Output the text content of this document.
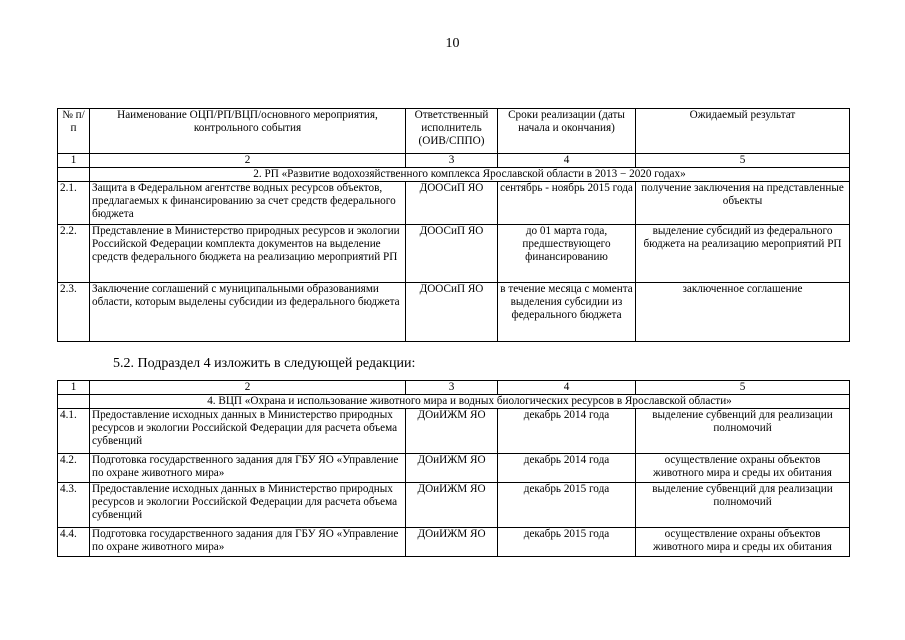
10
№ п/п	Наименование ОЦП/РП/ВЦП/основного мероприятия, контрольного события	Ответственный исполнитель (ОИВ/СППО)	Сроки реализации (даты начала и окончания)	Ожидаемый результат
1	2	3	4	5
	2. РП «Развитие водохозяйственного комплекса Ярославской области в 2013 − 2020 годах»			
2.1.	Защита в Федеральном агентстве водных ресурсов объектов, предлагаемых к финансированию за счет средств федерального бюджета	ДООСиП ЯО	сентябрь - ноябрь 2015 года	получение заключения на представленные объекты
2.2.	Представление в Министерство природных ресурсов и экологии Российской Федерации комплекта документов на выделение средств федерального бюджета на реализацию мероприятий РП	ДООСиП ЯО	до 01 марта года, предшествующего финансированию	выделение субсидий из федерального бюджета на реализацию мероприятий РП
2.3.	Заключение соглашений с муниципальными образованиями области, которым выделены субсидии из федерального бюджета	ДООСиП ЯО	в течение месяца с момента выделения субсидии из федерального бюджета	заключенное соглашение
5.2. Подраздел 4 изложить в следующей редакции:
1	2	3	4	5
	4. ВЦП «Охрана и использование животного мира и водных биологических ресурсов в Ярославской области»			
4.1.	Предоставление исходных данных в Министерство природных ресурсов и экологии Российской Федерации для расчета объема субвенций	ДОиИЖМ ЯО	декабрь 2014 года	выделение субвенций для реализации полномочий
4.2.	Подготовка государственного задания для ГБУ ЯО «Управление по охране животного мира»	ДОиИЖМ ЯО	декабрь 2014 года	осуществление охраны объектов животного мира и среды их обитания
4.3.	Предоставление исходных данных в Министерство природных ресурсов и экологии Российской Федерации для расчета объема субвенций	ДОиИЖМ ЯО	декабрь 2015 года	выделение субвенций для реализации полномочий
4.4.	Подготовка государственного задания для ГБУ ЯО «Управление по охране животного мира»	ДОиИЖМ ЯО	декабрь 2015 года	осуществление охраны объектов животного мира и среды их обитания
